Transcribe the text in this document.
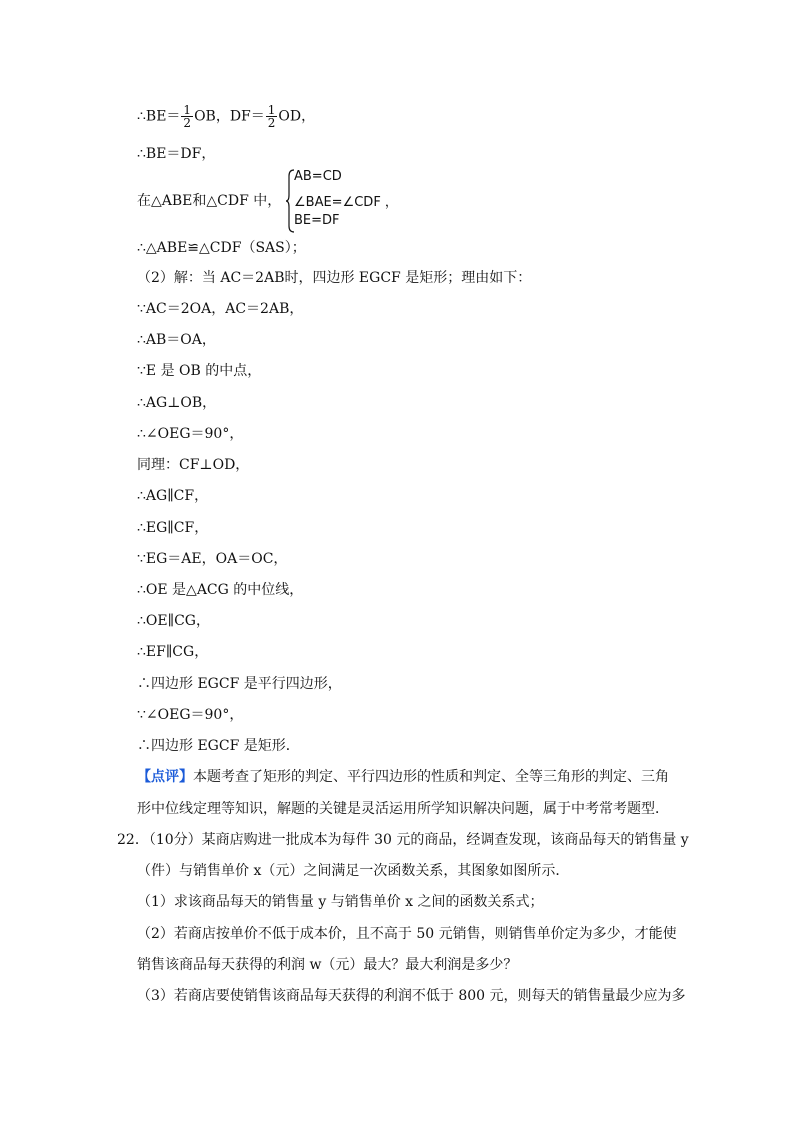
∴BE＝ $\frac{1}{2}$ OB，$DF= \frac{1}{2}$ OD，
∴BE＝DF，
在△ABE和△CDF 中，
AB=CD
∠BAE=∠CDF ，
BE=DF
∴△ABE≌△CDF（SAS）；
（2）解：当 AC＝2AB时，四边形 EGCF 是矩形；理由如下：
∵AC＝2OA，AC＝2AB，
∴AB＝OA，
∵E 是 OB 的中点，
∴AG⊥OB，
∴∠OEG＝90°，
同理：CF⊥OD，
∴AG∥CF，
∴EG∥CF，
∵EG＝AE，OA＝OC，
∴OE 是△ACG 的中位线，
∴OE∥CG，
∴EF∥CG，
∴四边形 EGCF 是平行四边形，
∵∠OEG＝90°，
∴四边形 EGCF 是矩形．
【点评】本题考查了矩形的判定、平行四边形的性质和判定、全等三角形的判定、三角
形中位线定理等知识，解题的关键是灵活运用所学知识解决问题，属于中考常考题型．
22．（10分）某商店购进一批成本为每件 30 元的商品，经调查发现，该商品每天的销售量 y
（件）与销售单价 x（元）之间满足一次函数关系，其图象如图所示．
（1）求该商品每天的销售量 y 与销售单价 x 之间的函数关系式；
（2）若商店按单价不低于成本价，且不高于 50 元销售，则销售单价定为多少，才能使
销售该商品每天获得的利润 w（元）最大？最大利润是多少？
（3）若商店要使销售该商品每天获得的利润不低于 800 元，则每天的销售量最少应为多
